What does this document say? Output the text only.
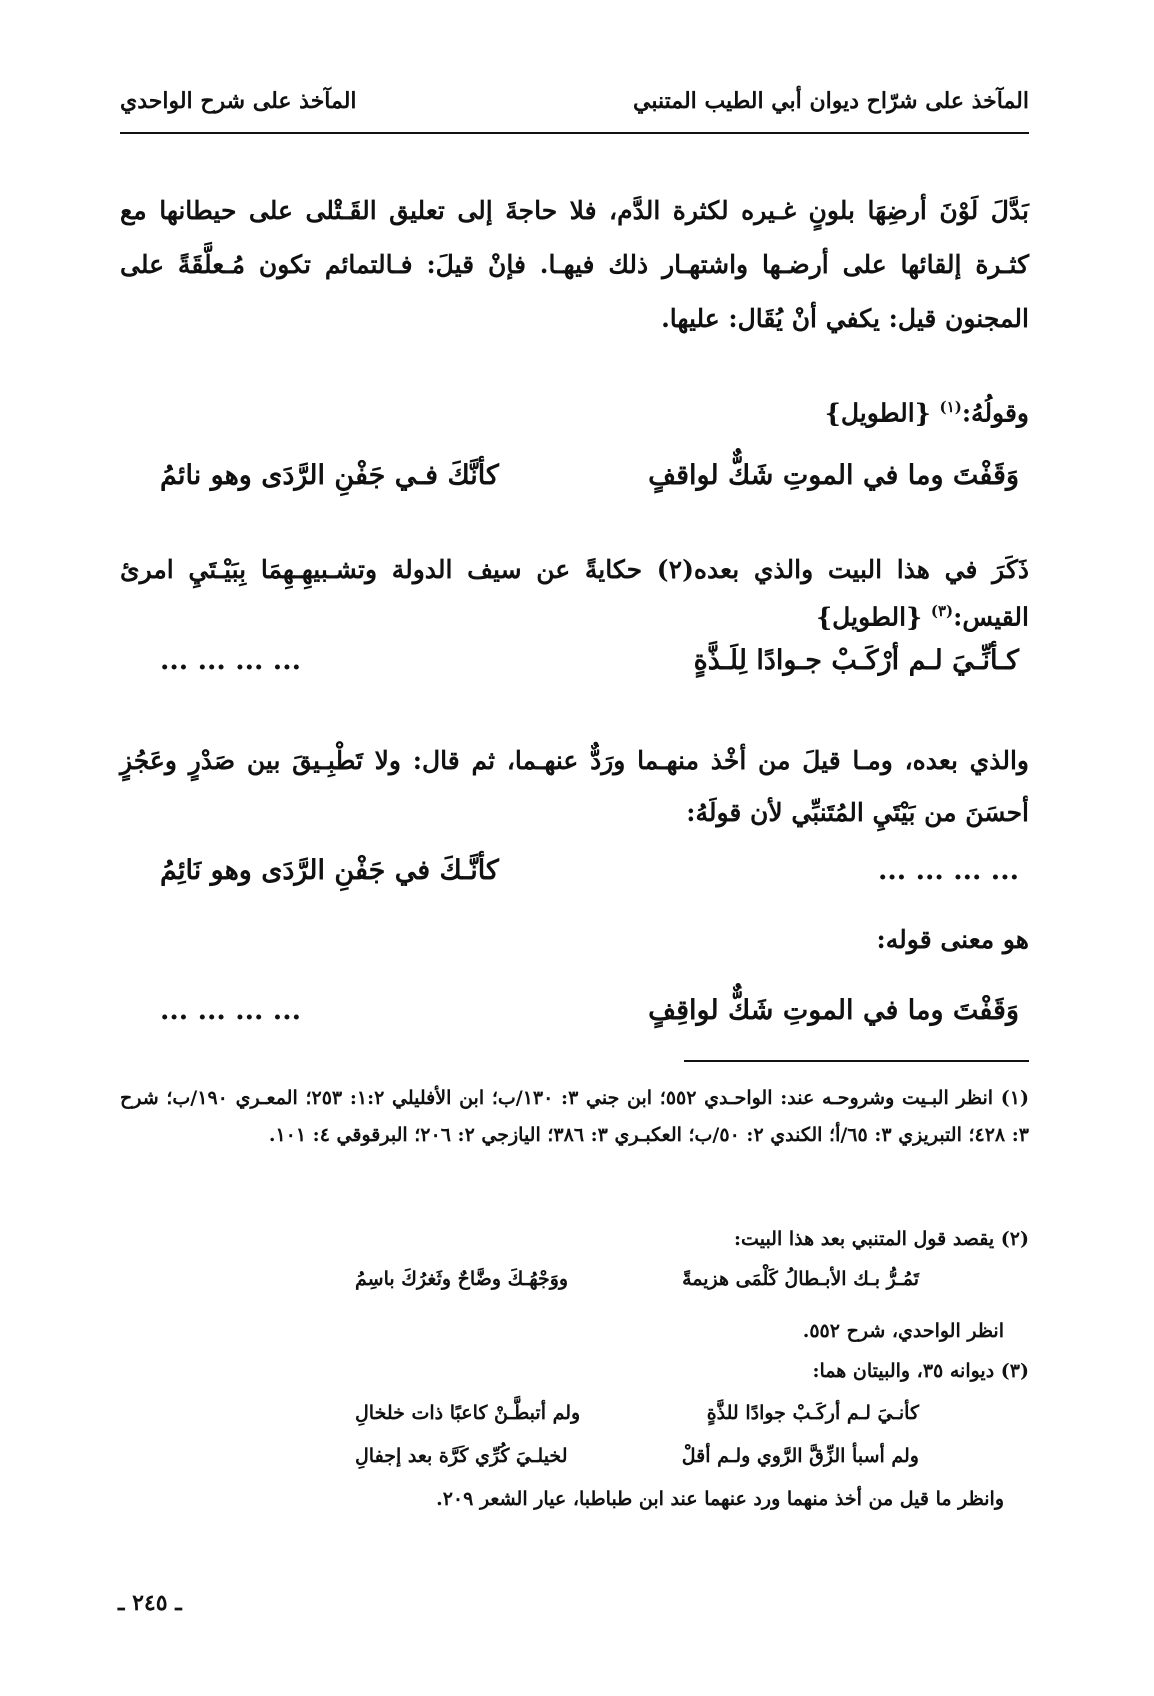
المآخذ على شرّاح ديوان أبي الطيب المتنبي
المآخذ على شرح الواحدي
بَدَّلَ لَوْنَ أرضِهَا بلونٍ غـيره لكثرة الدَّم، فلا حاجةَ إلى تعليق القَـتْلى على حيطانها مع كثـرة إلقائها على أرضـها واشتهـار ذلك فيهـا. فإنْ قيلَ: فـالتمائم تكون مُـعلَّقَةً على المجنون قيل: يكفي أنْ يُقَال: عليها.
وقولُهُ:$^{(١)}$ {الطويل}
وَقَفْتَ وما في الموتِ شَكٌّ لواقفٍ
كأنَّكَ فـي جَفْنِ الرَّدَى وهو نائمُ
ذَكَرَ في هذا البيت والذي بعده(٢) حكايةً عن سيف الدولة وتشـبيهِـهِمَا بِبَيْـتَيِ امرئ
القيس:$^{(٣)}$ {الطويل}
كـأنِّـيَ لـم أرْكَـبْ جـوادًا لِلَـذَّةٍ
... ... ... ...
والذي بعده، ومـا قيلَ من أخْذ منهـما ورَدٌّ عنهـما، ثم قال: ولا تَطْبِـيقَ بين صَدْرٍ وعَجُزٍ أحسَنَ من بَيْتَيِ المُتَنبِّي لأن قولَهُ:
... ... ... ...
كأنَّـكَ في جَفْنِ الرَّدَى وهو نَائِمُ
هو معنى قوله:
وَقَفْتَ وما في الموتِ شَكٌّ لواقِفٍ
... ... ... ...
(١) انظر البـيت وشروحـه عند: الواحـدي ٥٥٢؛ ابن جني ٣: ١٣٠/ب؛ ابن الأفليلي ١:٢: ٢٥٣؛ المعـري ١٩٠/ب؛ شرح ٣: ٤٢٨؛ التبريزي ٣: ٦٥/أ؛ الكندي ٢: ٥٠/ب؛ العكبـري ٣: ٣٨٦؛ اليازجي ٢: ٢٠٦؛ البرقوقي ٤: ١٠١.
(٢) يقصد قول المتنبي بعد هذا البيت:
تَمُـرُّ بـك الأبـطالُ كَلْمَى هزيمةً
ووَجْهُـكَ وضَّاحٌ وثَغرُكَ باسِمُ
انظر الواحدي، شرح ٥٥٢.
(٣) ديوانه ٣٥، والبيتان هما:
كأنـيَ لـم أركَـبْ جوادًا للذَّةٍ
ولم أتبطَّـنْ كاعبًا ذات خلخالِ
ولم أسبأ الزِّقَّ الرَّوي ولـم أقلْ
لخيلـيَ كُرِّي كَرَّة بعد إجفالِ
وانظر ما قيل من أخذ منهما ورد عنهما عند ابن طباطبا، عيار الشعر ٢٠٩.
ـ ٢٤٥ ـ
